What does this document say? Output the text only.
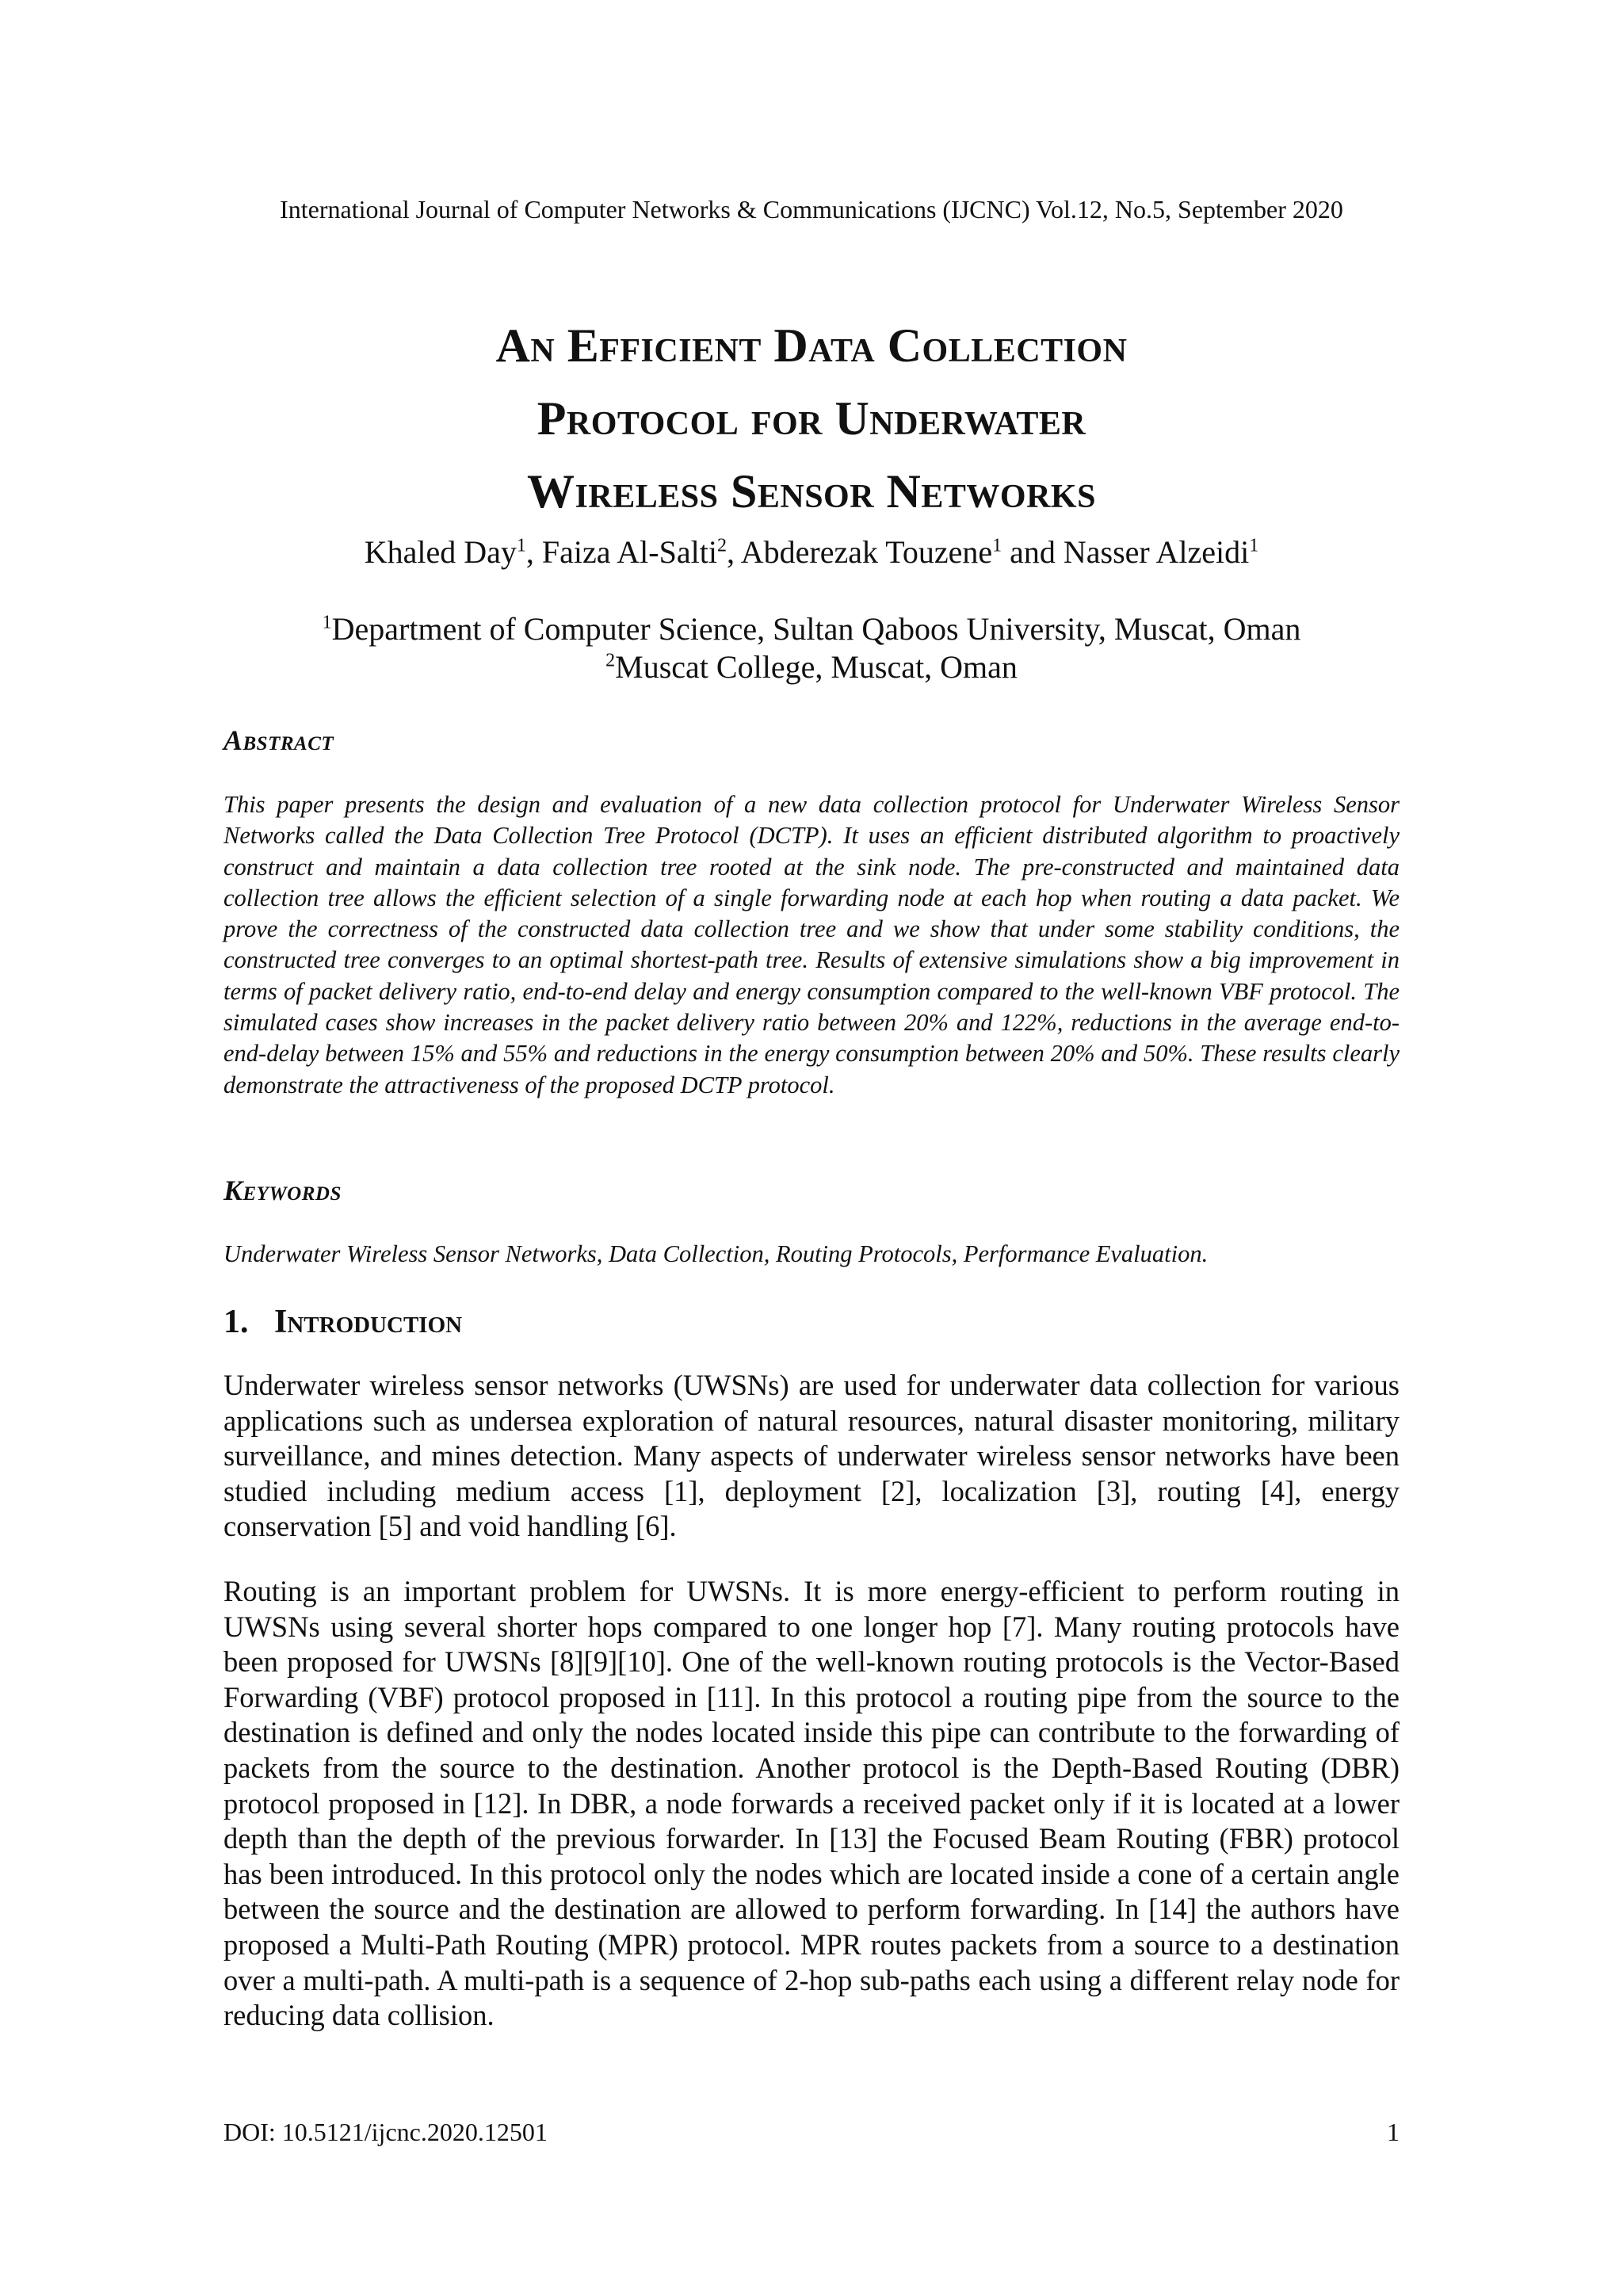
International Journal of Computer Networks & Communications (IJCNC) Vol.12, No.5, September 2020
An Efficient Data Collection
Protocol for Underwater
Wireless Sensor Networks
Khaled Day$^1$, Faiza Al-Salti$^2$, Abderezak Touzene$^1$ and Nasser Alzeidi$^1$
$^1$Department of Computer Science, Sultan Qaboos University, Muscat, Oman
$^2$Muscat College, Muscat, Oman
Abstract
This paper presents the design and evaluation of a new data collection protocol for Underwater Wireless Sensor Networks called the Data Collection Tree Protocol (DCTP). It uses an efficient distributed algorithm to proactively construct and maintain a data collection tree rooted at the sink node. The pre-constructed and maintained data collection tree allows the efficient selection of a single forwarding node at each hop when routing a data packet. We prove the correctness of the constructed data collection tree and we show that under some stability conditions, the constructed tree converges to an optimal shortest-path tree. Results of extensive simulations show a big improvement in terms of packet delivery ratio, end-to-end delay and energy consumption compared to the well-known VBF protocol. The simulated cases show increases in the packet delivery ratio between 20% and 122%, reductions in the average end-to-end-delay between 15% and 55% and reductions in the energy consumption between 20% and 50%. These results clearly demonstrate the attractiveness of the proposed DCTP protocol.
Keywords
Underwater Wireless Sensor Networks, Data Collection, Routing Protocols, Performance Evaluation.
1. Introduction
Underwater wireless sensor networks (UWSNs) are used for underwater data collection for various applications such as undersea exploration of natural resources, natural disaster monitoring, military surveillance, and mines detection. Many aspects of underwater wireless sensor networks have been studied including medium access [1], deployment [2], localization [3], routing [4], energy conservation [5] and void handling [6].
Routing is an important problem for UWSNs. It is more energy-efficient to perform routing in UWSNs using several shorter hops compared to one longer hop [7]. Many routing protocols have been proposed for UWSNs [8][9][10]. One of the well-known routing protocols is the Vector-Based Forwarding (VBF) protocol proposed in [11]. In this protocol a routing pipe from the source to the destination is defined and only the nodes located inside this pipe can contribute to the forwarding of packets from the source to the destination. Another protocol is the Depth-Based Routing (DBR) protocol proposed in [12]. In DBR, a node forwards a received packet only if it is located at a lower depth than the depth of the previous forwarder. In [13] the Focused Beam Routing (FBR) protocol has been introduced. In this protocol only the nodes which are located inside a cone of a certain angle between the source and the destination are allowed to perform forwarding. In [14] the authors have proposed a Multi-Path Routing (MPR) protocol. MPR routes packets from a source to a destination over a multi-path. A multi-path is a sequence of 2-hop sub-paths each using a different relay node for reducing data collision.
DOI: 10.5121/ijcnc.2020.12501	1
